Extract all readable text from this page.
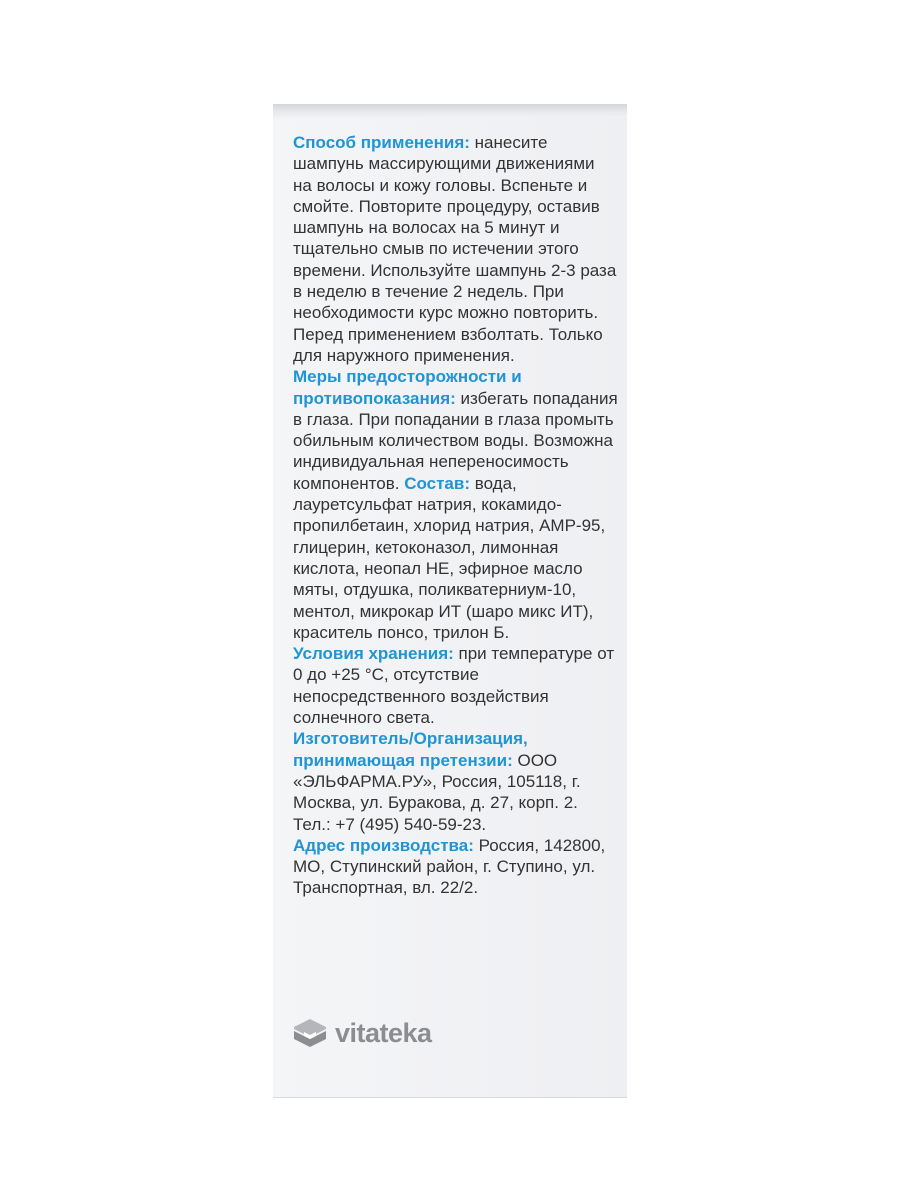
Способ применения: нанесите шампунь массирующими движениями на волосы и кожу головы. Вспеньте и смойте. Повторите процедуру, оставив шампунь на волосах на 5 минут и тщательно смыв по истечении этого времени. Используйте шампунь 2-3 раза в неделю в течение 2 недель. При необходимости курс можно повторить. Перед применением взболтать. Только для наружного применения.

Меры предосторожности и противопоказания: избегать попадания в глаза. При попадании в глаза промыть обильным количеством воды. Возможна индивидуальная непереносимость компонентов. Состав: вода, лауретсульфат натрия, кокамидо-пропилбетаин, хлорид натрия, AMP-95, глицерин, кетоконазол, лимонная кислота, неопал НЕ, эфирное масло мяты, отдушка, поликватерниум-10, ментол, микрокар ИТ (шаро микс ИТ), краситель понсо, трилон Б.

Условия хранения: при температуре от 0 до +25 °С, отсутствие непосредственного воздействия солнечного света.

Изготовитель/Организация, принимающая претензии: ООО «ЭЛЬФАРМА.РУ», Россия, 105118, г. Москва, ул. Буракова, д. 27, корп. 2. Тел.: +7 (495) 540-59-23.

Адрес производства: Россия, 142800, МО, Ступинский район, г. Ступино, ул. Транспортная, вл. 22/2.

vitateka
